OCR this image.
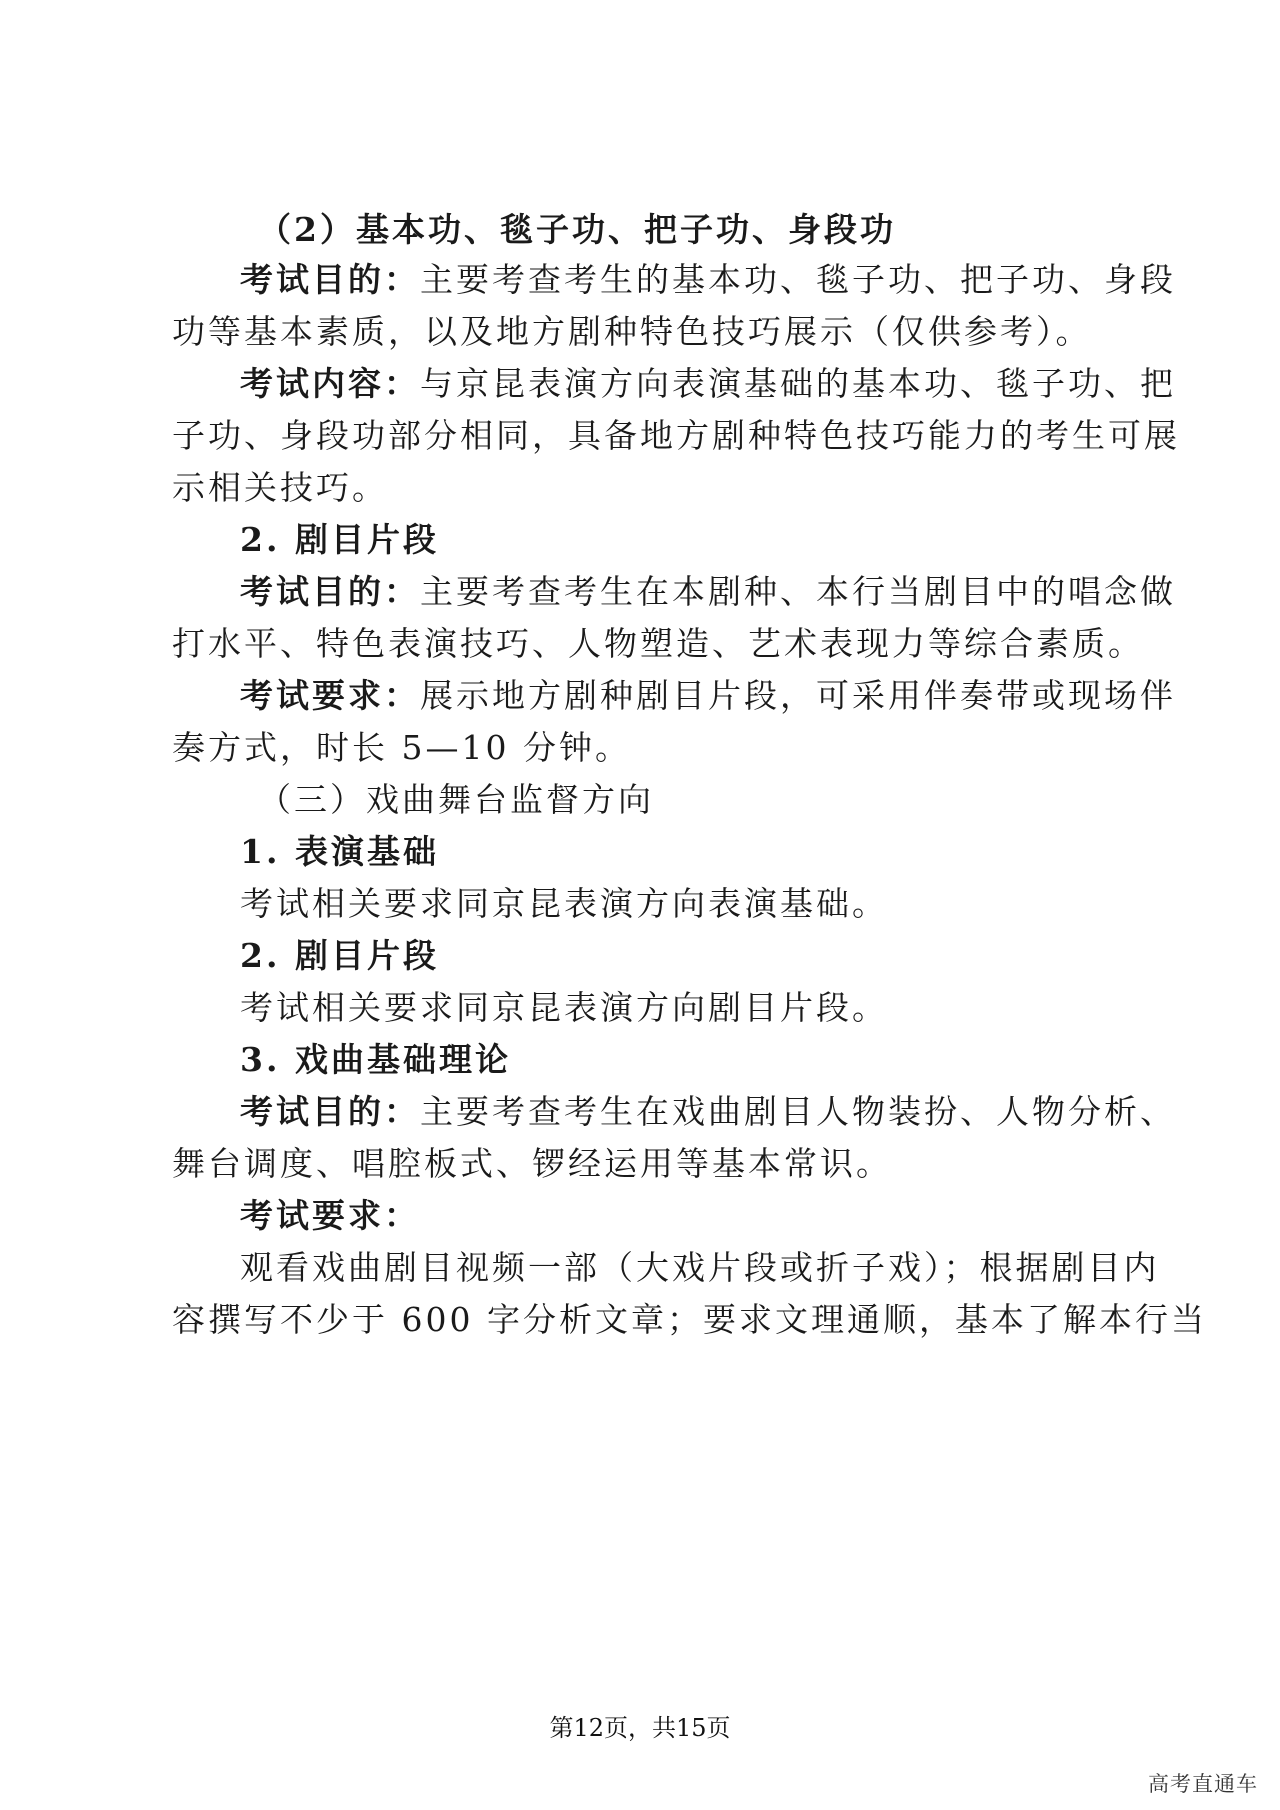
（2）基本功、毯子功、把子功、身段功
考试目的：主要考查考生的基本功、毯子功、把子功、身段
功等基本素质，以及地方剧种特色技巧展示（仅供参考）。
考试内容：与京昆表演方向表演基础的基本功、毯子功、把
子功、身段功部分相同，具备地方剧种特色技巧能力的考生可展
示相关技巧。
2. 剧目片段
考试目的：主要考查考生在本剧种、本行当剧目中的唱念做
打水平、特色表演技巧、人物塑造、艺术表现力等综合素质。
考试要求：展示地方剧种剧目片段，可采用伴奏带或现场伴
奏方式，时长 5—10 分钟。
（三）戏曲舞台监督方向
1. 表演基础
考试相关要求同京昆表演方向表演基础。
2. 剧目片段
考试相关要求同京昆表演方向剧目片段。
3. 戏曲基础理论
考试目的：主要考查考生在戏曲剧目人物装扮、人物分析、
舞台调度、唱腔板式、锣经运用等基本常识。
考试要求：
观看戏曲剧目视频一部（大戏片段或折子戏）；根据剧目内
容撰写不少于 600 字分析文章；要求文理通顺，基本了解本行当
第12页，共15页
高考直通车
